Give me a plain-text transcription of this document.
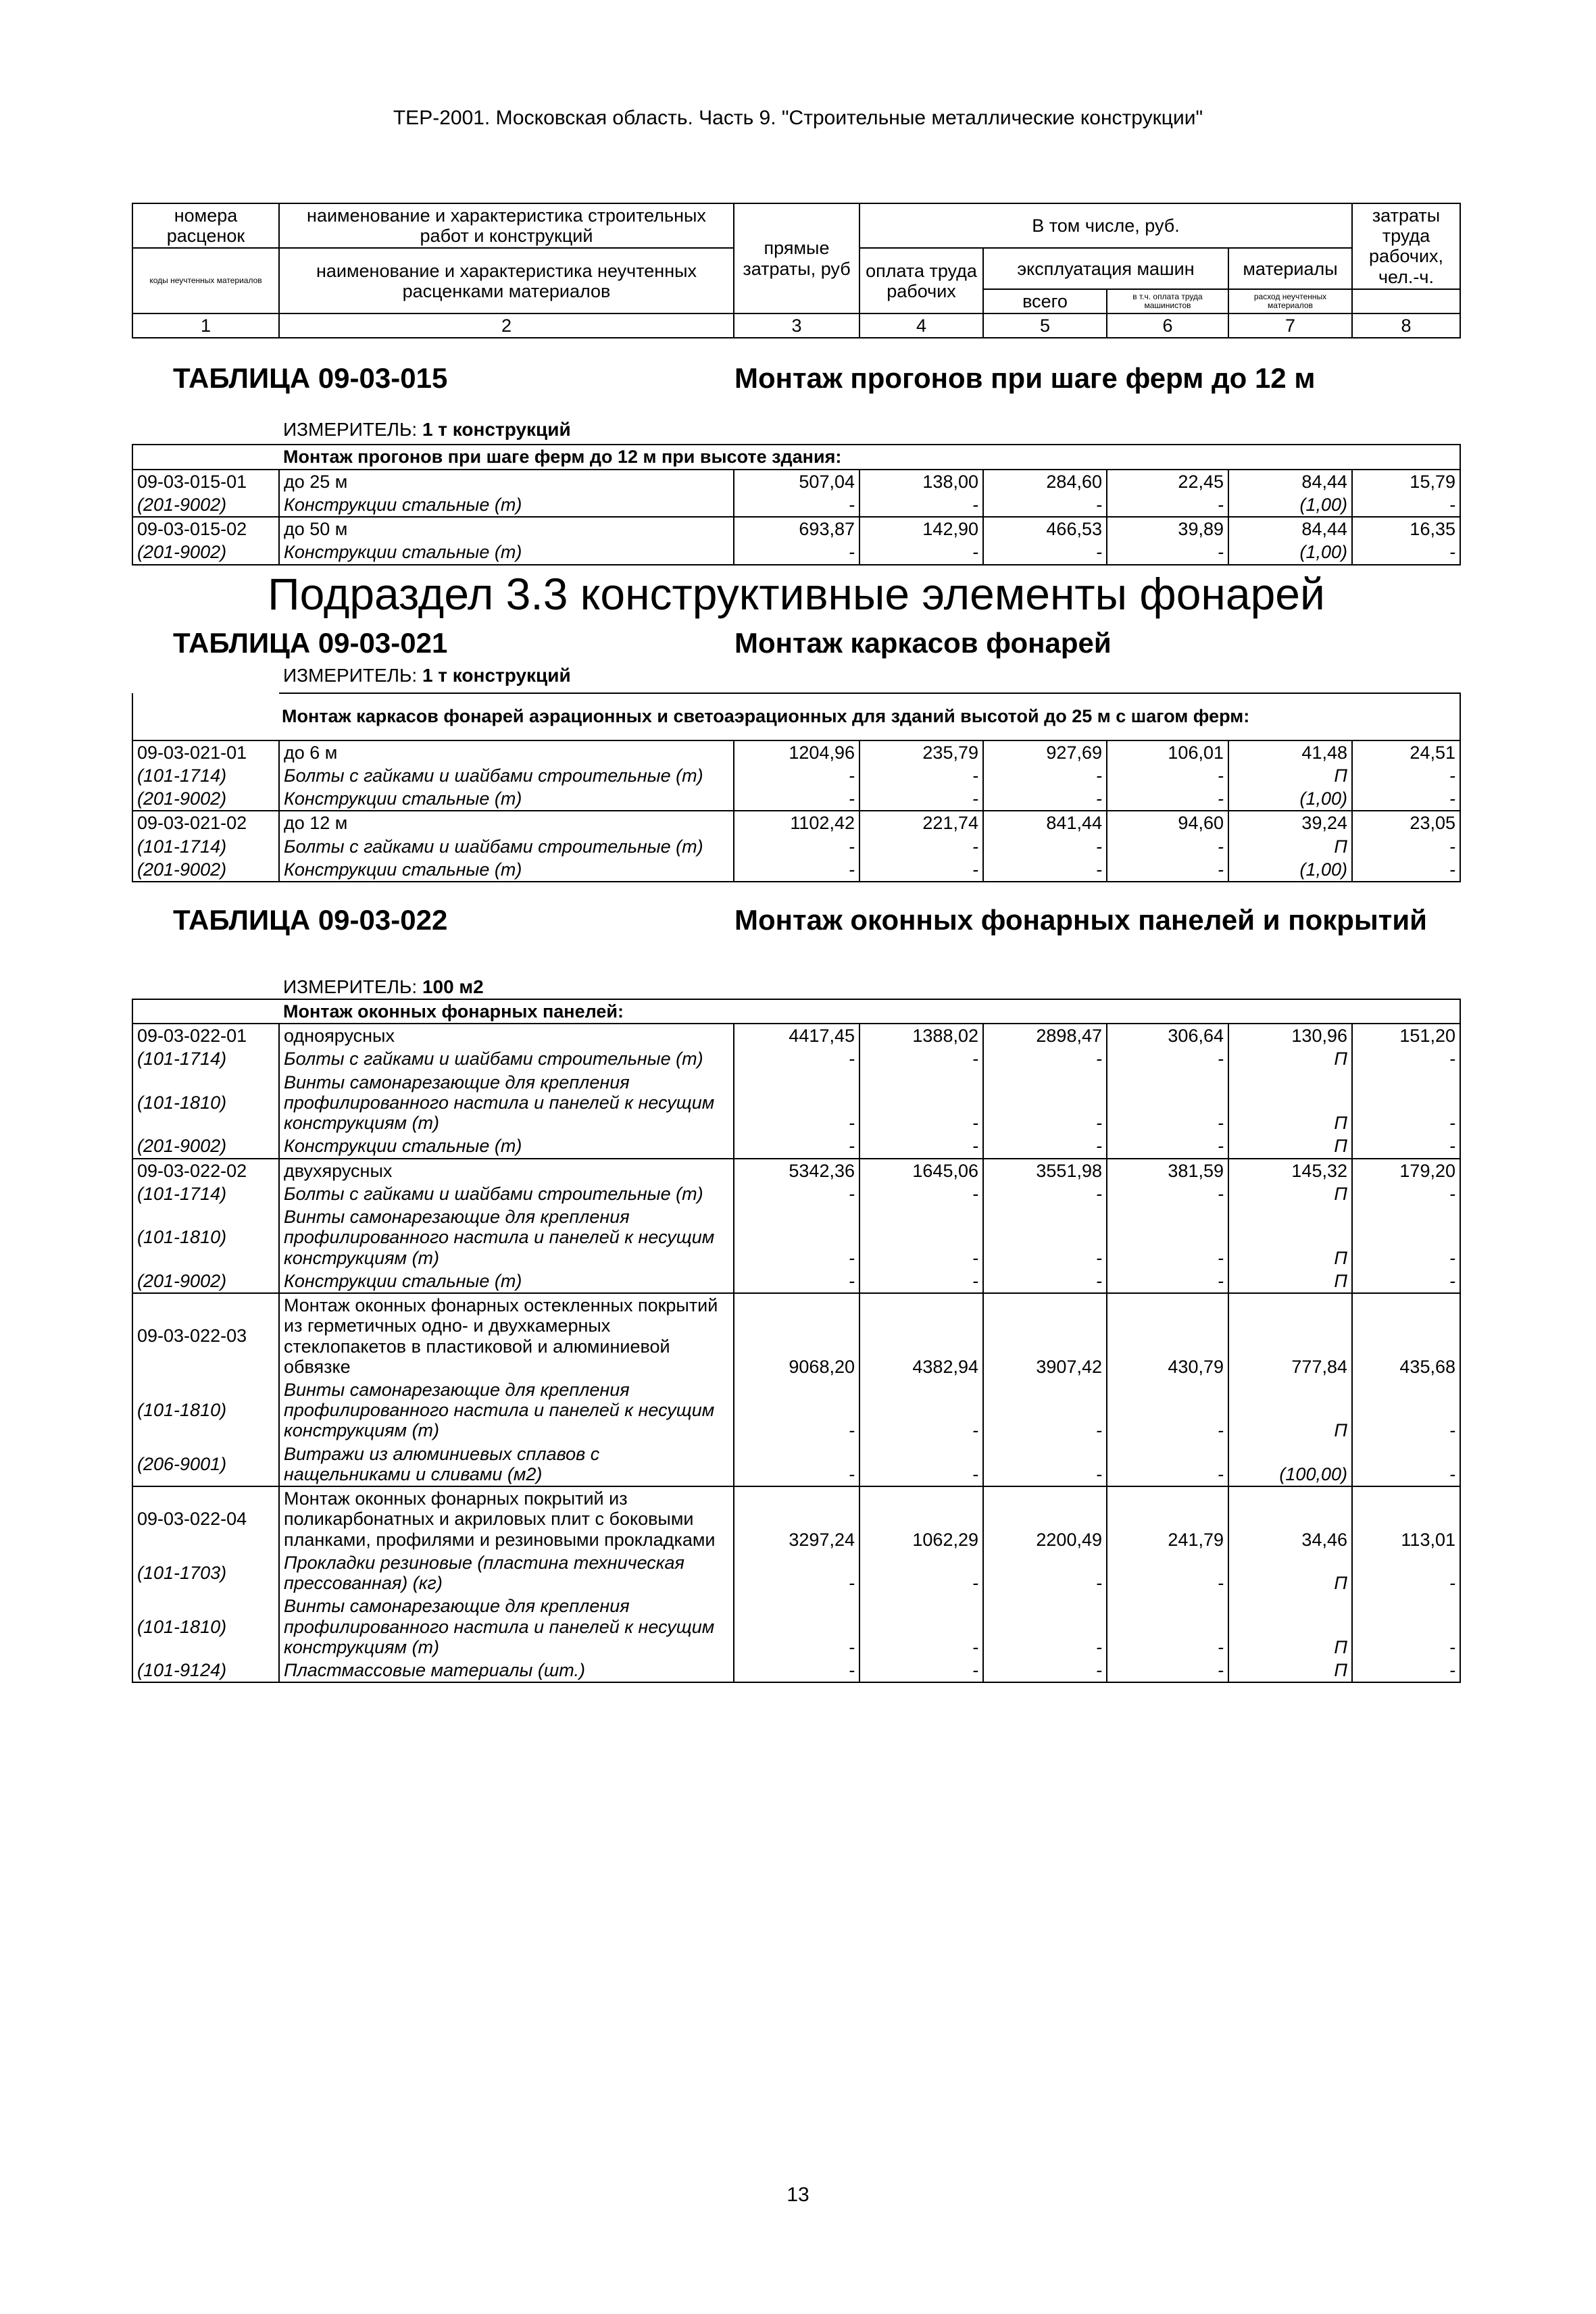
ТЕР-2001. Московская область. Часть 9. "Строительные металлические конструкции"
номера расценок	наименование и характеристика строительных работ и конструкций	прямые затраты, руб	В том числе, руб.				затраты труда рабочих, чел.-ч.
коды неучтенных материалов	наименование и характеристика неучтенных расценками материалов		оплата труда рабочих	эксплуатация машин		материалы	
				всего	в т.ч. оплата труда машинистов	расход неучтенных материалов	
1	2	3	4	5	6	7	8
ТАБЛИЦА 09-03-015			Монтаж прогонов при шаге ферм до 12 м				
	ИЗМЕРИТЕЛЬ: 1 т конструкций						
	Монтаж прогонов при шаге ферм до 12 м при высоте здания:						
09-03-015-01	до 25 м	507,04	138,00	284,60	22,45	84,44	15,79
(201-9002)	Конструкции стальные (т)	-	-	-	-	(1,00)	-
09-03-015-02	до 50 м	693,87	142,90	466,53	39,89	84,44	16,35
(201-9002)	Конструкции стальные (т)	-	-	-	-	(1,00)	-
Подраздел 3.3 конструктивные элементы фонарей							
ТАБЛИЦА 09-03-021			Монтаж каркасов фонарей				
	ИЗМЕРИТЕЛЬ: 1 т конструкций						
Монтаж каркасов фонарей аэрационных и светоаэрационных для зданий высотой до 25 м с шагом ферм:							
09-03-021-01	до 6 м	1204,96	235,79	927,69	106,01	41,48	24,51
(101-1714)	Болты с гайками и шайбами строительные (т)	-	-	-	-	П	-
(201-9002)	Конструкции стальные (т)	-	-	-	-	(1,00)	-
09-03-021-02	до 12 м	1102,42	221,74	841,44	94,60	39,24	23,05
(101-1714)	Болты с гайками и шайбами строительные (т)	-	-	-	-	П	-
(201-9002)	Конструкции стальные (т)	-	-	-	-	(1,00)	-
ТАБЛИЦА 09-03-022			Монтаж оконных фонарных панелей и покрытий				
	ИЗМЕРИТЕЛЬ: 100 м2						
	Монтаж оконных фонарных панелей:						
09-03-022-01	одноярусных	4417,45	1388,02	2898,47	306,64	130,96	151,20
(101-1714)	Болты с гайками и шайбами строительные (т)	-	-	-	-	П	-
(101-1810)	Винты самонарезающие для крепления профилированного настила и панелей к несущим конструкциям (т)	-	-	-	-	П	-
(201-9002)	Конструкции стальные (т)	-	-	-	-	П	-
09-03-022-02	двухярусных	5342,36	1645,06	3551,98	381,59	145,32	179,20
(101-1714)	Болты с гайками и шайбами строительные (т)	-	-	-	-	П	-
(101-1810)	Винты самонарезающие для крепления профилированного настила и панелей к несущим конструкциям (т)	-	-	-	-	П	-
(201-9002)	Конструкции стальные (т)	-	-	-	-	П	-
09-03-022-03	Монтаж оконных фонарных остекленных покрытий из герметичных одно- и двухкамерных стеклопакетов в пластиковой и алюминиевой обвязке	9068,20	4382,94	3907,42	430,79	777,84	435,68
(101-1810)	Винты самонарезающие для крепления профилированного настила и панелей к несущим конструкциям (т)	-	-	-	-	П	-
(206-9001)	Витражи из алюминиевых сплавов с нащельниками и сливами (м2)	-	-	-	-	(100,00)	-
09-03-022-04	Монтаж оконных фонарных покрытий из поликарбонатных и акриловых плит с боковыми планками, профилями и резиновыми прокладками	3297,24	1062,29	2200,49	241,79	34,46	113,01
(101-1703)	Прокладки резиновые (пластина техническая прессованная) (кг)	-	-	-	-	П	-
(101-1810)	Винты самонарезающие для крепления профилированного настила и панелей к несущим конструкциям (т)	-	-	-	-	П	-
(101-9124)	Пластмассовые материалы (шт.)	-	-	-	-	П	-
13
